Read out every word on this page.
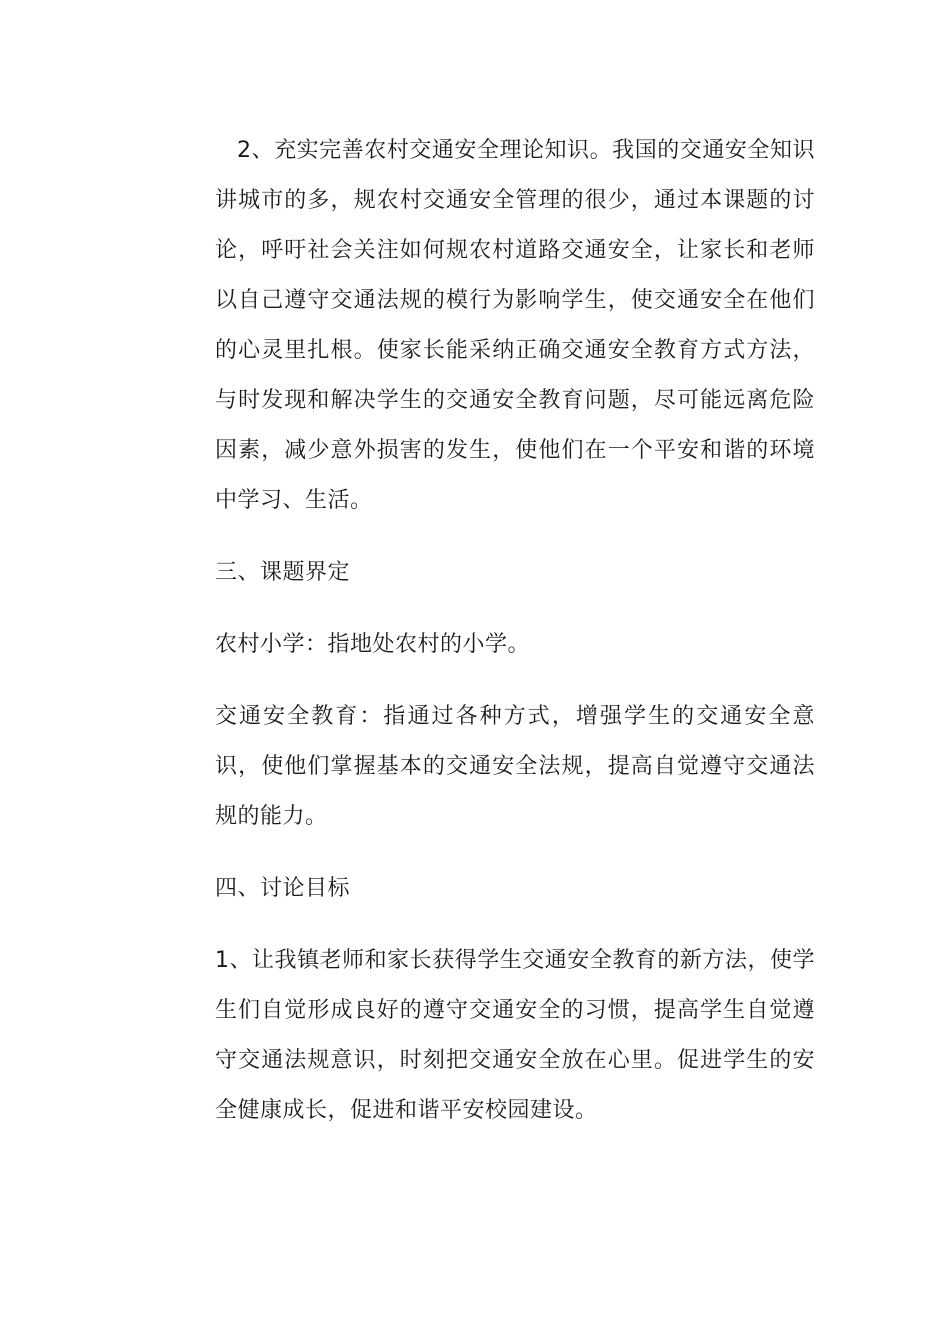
2、充实完善农村交通安全理论知识。我国的交通安全知识讲城市的多，规农村交通安全管理的很少，通过本课题的讨论，呼吁社会关注如何规农村道路交通安全，让家长和老师以自己遵守交通法规的模行为影响学生，使交通安全在他们的心灵里扎根。使家长能采纳正确交通安全教育方式方法，与时发现和解决学生的交通安全教育问题，尽可能远离危险因素，减少意外损害的发生，使他们在一个平安和谐的环境中学习、生活。

三、课题界定

农村小学：指地处农村的小学。

交通安全教育：指通过各种方式，增强学生的交通安全意识，使他们掌握基本的交通安全法规，提高自觉遵守交通法规的能力。

四、讨论目标

1、让我镇老师和家长获得学生交通安全教育的新方法，使学生们自觉形成良好的遵守交通安全的习惯，提高学生自觉遵守交通法规意识，时刻把交通安全放在心里。促进学生的安全健康成长，促进和谐平安校园建设。
